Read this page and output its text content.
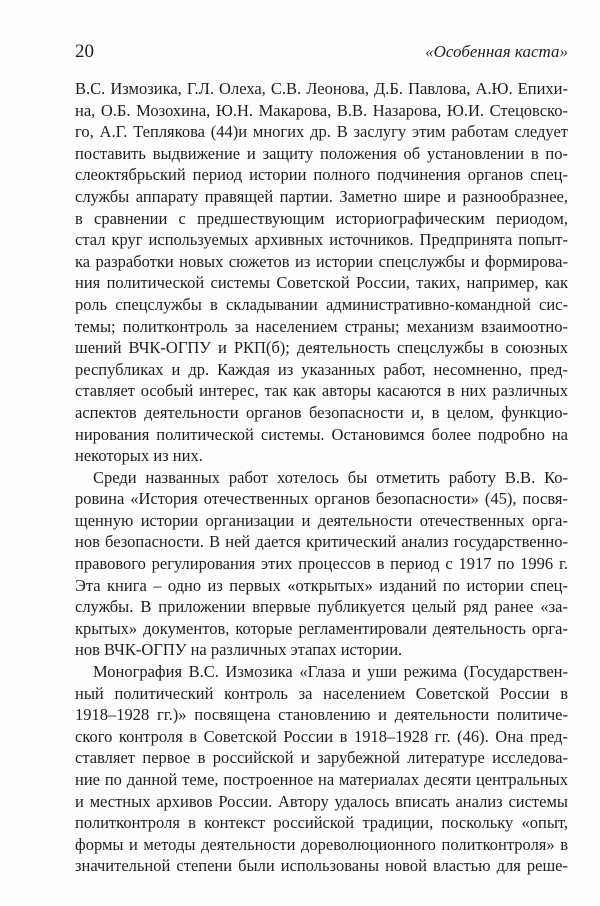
20	«Особенная каста»
В.С. Измозика, Г.Л. Олеха, С.В. Леонова, Д.Б. Павлова, А.Ю. Епихи-
на, О.Б. Мозохина, Ю.Н. Макарова, В.В. Назарова, Ю.И. Стецовско-
го, А.Г. Теплякова (44)и многих др. В заслугу этим работам следует
поставить выдвижение и защиту положения об установлении в по-
слеоктябрьский период истории полного подчинения органов спец-
службы аппарату правящей партии. Заметно шире и разнообразнее,
в сравнении с предшествующим историографическим периодом,
стал круг используемых архивных источников. Предпринята попыт-
ка разработки новых сюжетов из истории спецслужбы и формирова-
ния политической системы Советской России, таких, например, как
роль спецслужбы в складывании административно-командной сис-
темы; политконтроль за населением страны; механизм взаимоотно-
шений ВЧК-ОГПУ и РКП(б); деятельность спецслужбы в союзных
республиках и др. Каждая из указанных работ, несомненно, пред-
ставляет особый интерес, так как авторы касаются в них различных
аспектов деятельности органов безопасности и, в целом, функцио-
нирования политической системы. Остановимся более подробно на
некоторых из них.
Среди названных работ хотелось бы отметить работу В.В. Ко-
ровина «История отечественных органов безопасности» (45), посвя-
щенную истории организации и деятельности отечественных орга-
нов безопасности. В ней дается критический анализ государственно-
правового регулирования этих процессов в период с 1917 по 1996 г.
Эта книга – одно из первых «открытых» изданий по истории спец-
службы. В приложении впервые публикуется целый ряд ранее «за-
крытых» документов, которые регламентировали деятельность орга-
нов ВЧК-ОГПУ на различных этапах истории.
Монография В.С. Измозика «Глаза и уши режима (Государствен-
ный политический контроль за населением Советской России в
1918–1928 гг.)» посвящена становлению и деятельности политиче-
ского контроля в Советской России в 1918–1928 гг. (46). Она пред-
ставляет первое в российской и зарубежной литературе исследова-
ние по данной теме, построенное на материалах десяти центральных
и местных архивов России. Автору удалось вписать анализ системы
политконтроля в контекст российской традиции, поскольку «опыт,
формы и методы деятельности дореволюционного политконтроля» в
значительной степени были использованы новой властью для реше-
